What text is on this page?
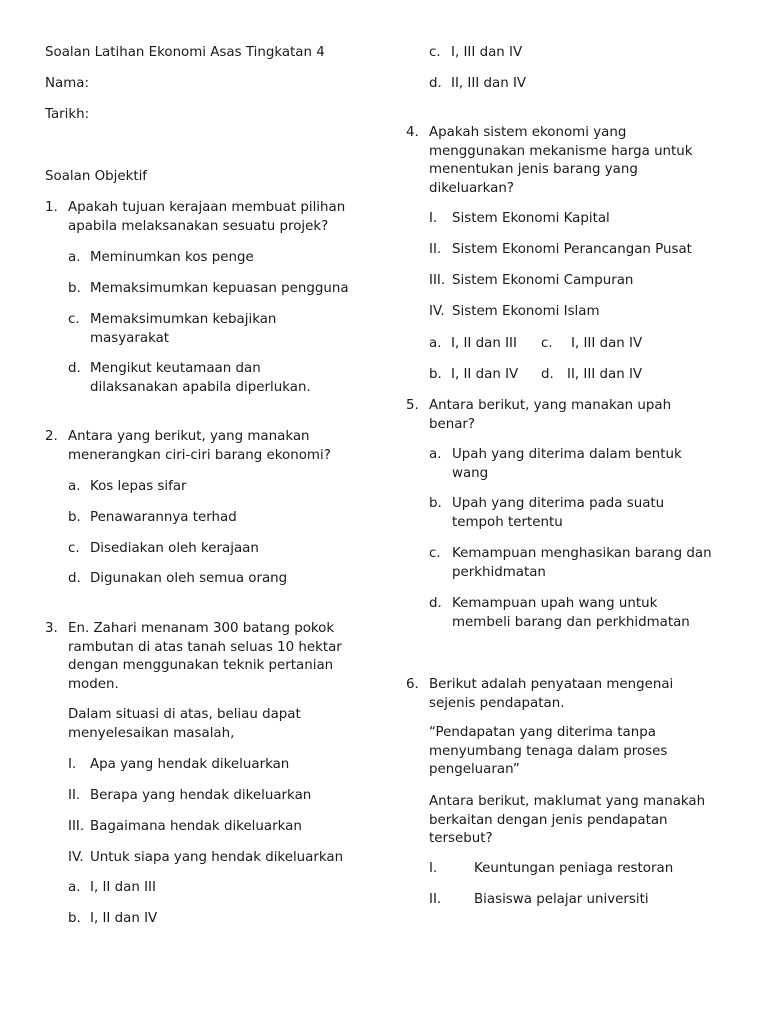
Soalan Latihan Ekonomi Asas Tingkatan 4
Nama:
Tarikh:
Soalan Objektif
1. Apakah tujuan kerajaan membuat pilihan
apabila melaksanakan sesuatu projek?
a. Meminumkan kos penge
b. Memaksimumkan kepuasan pengguna
c. Memaksimumkan kebajikan
masyarakat
d. Mengikut keutamaan dan
dilaksanakan apabila diperlukan.
2. Antara yang berikut, yang manakan
menerangkan ciri-ciri barang ekonomi?
a. Kos lepas sifar
b. Penawarannya terhad
c. Disediakan oleh kerajaan
d. Digunakan oleh semua orang
3. En. Zahari menanam 300 batang pokok
rambutan di atas tanah seluas 10 hektar
dengan menggunakan teknik pertanian
moden.
Dalam situasi di atas, beliau dapat
menyelesaikan masalah,
I. Apa yang hendak dikeluarkan
II. Berapa yang hendak dikeluarkan
III. Bagaimana hendak dikeluarkan
IV. Untuk siapa yang hendak dikeluarkan
a. I, II dan III
b. I, II dan IV
c. I, III dan IV
d. II, III dan IV
4. Apakah sistem ekonomi yang
menggunakan mekanisme harga untuk
menentukan jenis barang yang
dikeluarkan?
I. Sistem Ekonomi Kapital
II. Sistem Ekonomi Perancangan Pusat
III. Sistem Ekonomi Campuran
IV. Sistem Ekonomi Islam
a. I, II dan III c. I, III dan IV
b. I, II dan IV d. II, III dan IV
5. Antara berikut, yang manakan upah
benar?
a. Upah yang diterima dalam bentuk
wang
b. Upah yang diterima pada suatu
tempoh tertentu
c. Kemampuan menghasikan barang dan
perkhidmatan
d. Kemampuan upah wang untuk
membeli barang dan perkhidmatan
6. Berikut adalah penyataan mengenai
sejenis pendapatan.
“Pendapatan yang diterima tanpa
menyumbang tenaga dalam proses
pengeluaran”
Antara berikut, maklumat yang manakah
berkaitan dengan jenis pendapatan
tersebut?
I.	Keuntungan peniaga restoran
II. Biasiswa pelajar universiti
